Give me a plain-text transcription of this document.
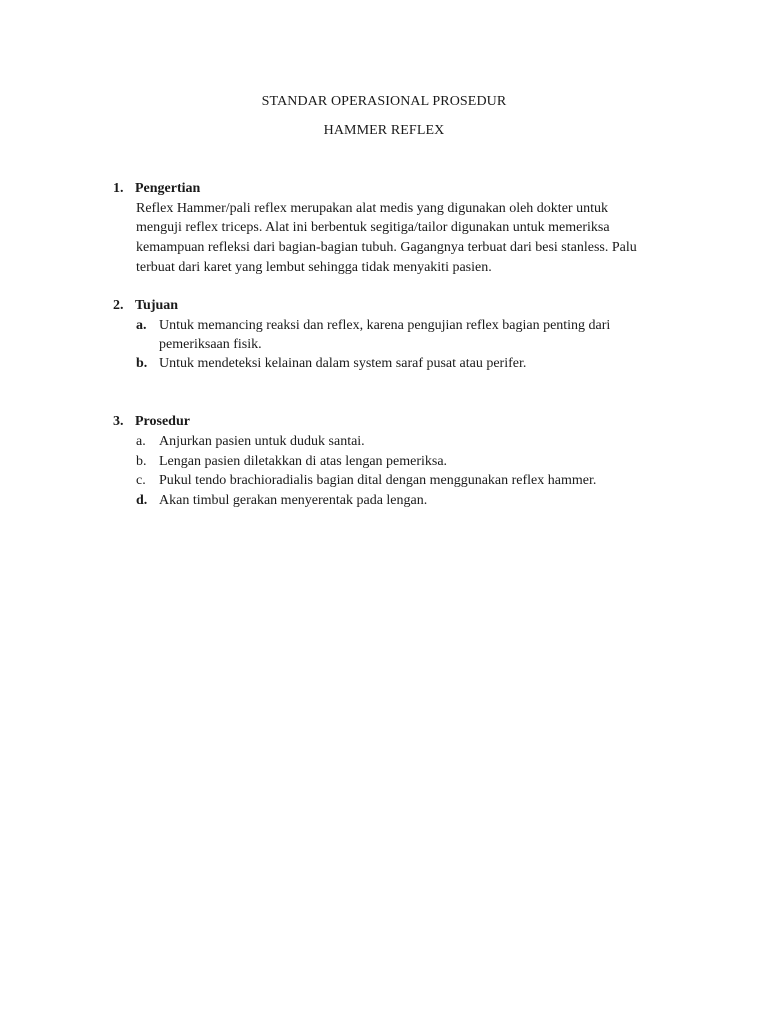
STANDAR OPERASIONAL PROSEDUR
HAMMER REFLEX
1. Pengertian
Reflex Hammer/pali reflex merupakan alat medis yang digunakan oleh dokter untuk
menguji reflex triceps. Alat ini berbentuk segitiga/tailor digunakan untuk memeriksa
kemampuan refleksi dari bagian-bagian tubuh. Gagangnya terbuat dari besi stanless. Palu
terbuat dari karet yang lembut sehingga tidak menyakiti pasien.
2. Tujuan
a. Untuk memancing reaksi dan reflex, karena pengujian reflex bagian penting dari
pemeriksaan fisik.
b. Untuk mendeteksi kelainan dalam system saraf pusat atau perifer.
3. Prosedur
a. Anjurkan pasien untuk duduk santai.
b. Lengan pasien diletakkan di atas lengan pemeriksa.
c. Pukul tendo brachioradialis bagian dital dengan menggunakan reflex hammer.
d. Akan timbul gerakan menyerentak pada lengan.
